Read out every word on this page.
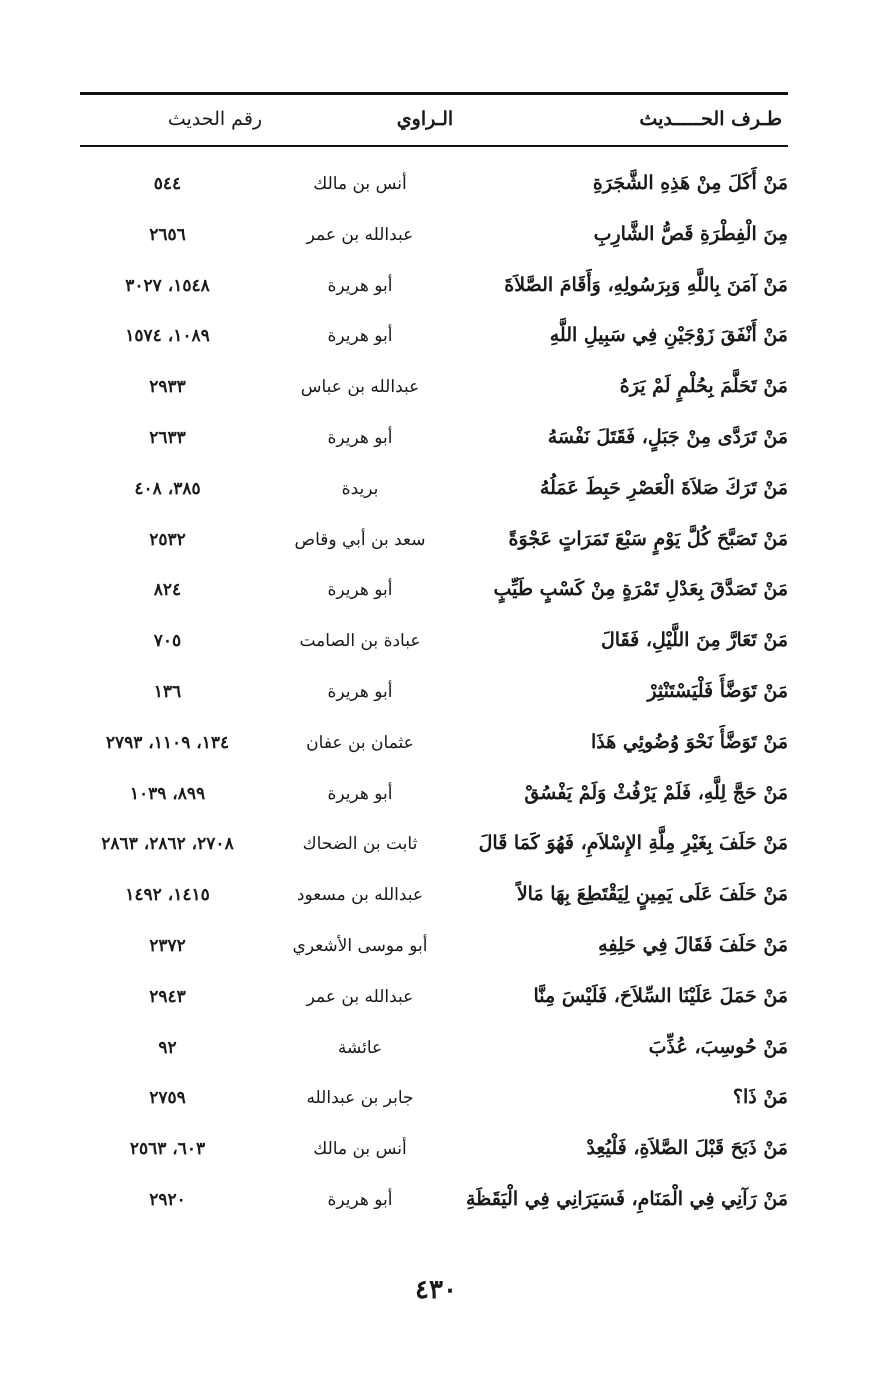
طـرف الحـــــديث
الـراوي
رقم الحديث
مَنْ أَكَلَ مِنْ هَذِهِ الشَّجَرَةِ
أنس بن مالك
٥٤٤
مِنَ الْفِطْرَةِ قَصُّ الشَّارِبِ
عبدالله بن عمر
٢٦٥٦
مَنْ آمَنَ بِاللَّهِ وَبِرَسُولِهِ، وَأَقَامَ الصَّلاَةَ
أبو هريرة
١٥٤٨، ٣٠٢٧
مَنْ أَنْفَقَ زَوْجَيْنِ فِي سَبِيلِ اللَّهِ
أبو هريرة
١٠٨٩، ١٥٧٤
مَنْ تَحَلَّمَ بِحُلْمٍ لَمْ يَرَهُ
عبدالله بن عباس
٢٩٣٣
مَنْ تَرَدَّى مِنْ جَبَلٍ، فَقَتَلَ نَفْسَهُ
أبو هريرة
٢٦٣٣
مَنْ تَرَكَ صَلاَةَ الْعَصْرِ حَبِطَ عَمَلُهُ
بريدة
٣٨٥، ٤٠٨
مَنْ تَصَبَّحَ كُلَّ يَوْمٍ سَبْعَ تَمَرَاتٍ عَجْوَةً
سعد بن أبي وقاص
٢٥٣٢
مَنْ تَصَدَّقَ بِعَدْلِ تَمْرَةٍ مِنْ كَسْبٍ طَيِّبٍ
أبو هريرة
٨٢٤
مَنْ تَعَارَّ مِنَ اللَّيْلِ، فَقَالَ
عبادة بن الصامت
٧٠٥
مَنْ تَوَضَّأَ فَلْيَسْتَنْثِرْ
أبو هريرة
١٣٦
مَنْ تَوَضَّأَ نَحْوَ وُضُوئِي هَذَا
عثمان بن عفان
١٣٤، ١١٠٩، ٢٧٩٣
مَنْ حَجَّ لِلَّهِ، فَلَمْ يَرْفُثْ وَلَمْ يَفْسُقْ
أبو هريرة
٨٩٩، ١٠٣٩
مَنْ حَلَفَ بِغَيْرِ مِلَّةِ الإِسْلاَمِ، فَهُوَ كَمَا قَالَ
ثابت بن الضحاك
٢٧٠٨، ٢٨٦٢، ٢٨٦٣
مَنْ حَلَفَ عَلَى يَمِينٍ لِيَقْتَطِعَ بِهَا مَالاً
عبدالله بن مسعود
١٤١٥، ١٤٩٢
مَنْ حَلَفَ فَقَالَ فِي حَلِفِهِ
أبو موسى الأشعري
٢٣٧٢
مَنْ حَمَلَ عَلَيْنَا السِّلاَحَ، فَلَيْسَ مِنَّا
عبدالله بن عمر
٢٩٤٣
مَنْ حُوسِبَ، عُذِّبَ
عائشة
٩٢
مَنْ ذَا؟
جابر بن عبدالله
٢٧٥٩
مَنْ ذَبَحَ قَبْلَ الصَّلاَةِ، فَلْيُعِدْ
أنس بن مالك
٦٠٣، ٢٥٦٣
مَنْ رَآنِي فِي الْمَنَامِ، فَسَيَرَانِي فِي الْيَقَظَةِ
أبو هريرة
٢٩٢٠
٤٣٠
